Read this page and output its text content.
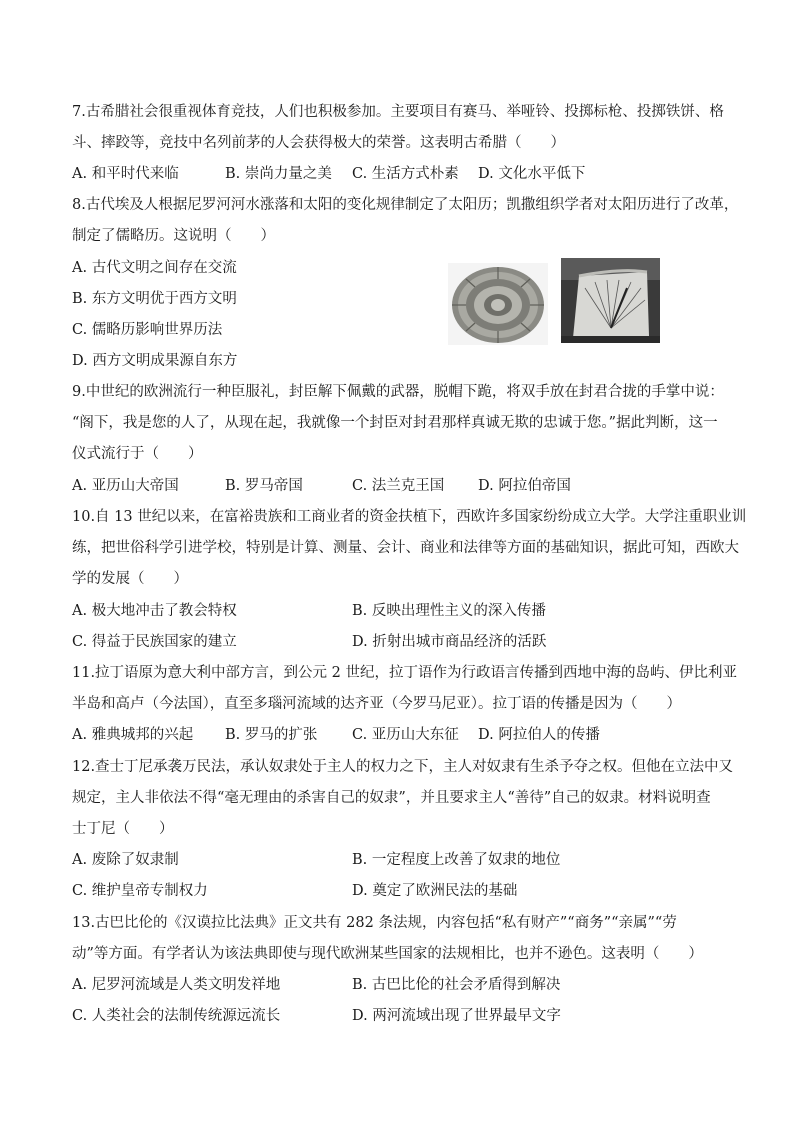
7.古希腊社会很重视体育竞技，人们也积极参加。主要项目有赛马、举哑铃、投掷标枪、投掷铁饼、格
斗、摔跤等，竞技中名列前茅的人会获得极大的荣誉。这表明古希腊（　　）
A. 和平时代来临	B. 崇尚力量之美 C. 生活方式朴素 D. 文化水平低下
8.古代埃及人根据尼罗河河水涨落和太阳的变化规律制定了太阳历；凯撒组织学者对太阳历进行了改革，
制定了儒略历。这说明（　　）
A. 古代文明之间存在交流
B. 东方文明优于西方文明
C. 儒略历影响世界历法
D. 西方文明成果源自东方
9.中世纪的欧洲流行一种臣服礼，封臣解下佩戴的武器，脱帽下跪，将双手放在封君合拢的手掌中说：
“阁下，我是您的人了，从现在起，我就像一个封臣对封君那样真诚无欺的忠诚于您。”据此判断，这一
仪式流行于（　　）
A. 亚历山大帝国	B. 罗马帝国	C. 法兰克王国 D. 阿拉伯帝国
10.自 13 世纪以来，在富裕贵族和工商业者的资金扶植下，西欧许多国家纷纷成立大学。大学注重职业训
练，把世俗科学引进学校，特别是计算、测量、会计、商业和法律等方面的基础知识，据此可知，西欧大
学的发展（　　）
A. 极大地冲击了教会特权	B. 反映出理性主义的深入传播
C. 得益于民族国家的建立	D. 折射出城市商品经济的活跃
11.拉丁语原为意大利中部方言，到公元 2 世纪，拉丁语作为行政语言传播到西地中海的岛屿、伊比利亚
半岛和高卢（今法国），直至多瑙河流域的达齐亚（今罗马尼亚）。拉丁语的传播是因为（　　）
A. 雅典城邦的兴起 B. 罗马的扩张 C. 亚历山大东征 D. 阿拉伯人的传播
12.查士丁尼承袭万民法，承认奴隶处于主人的权力之下，主人对奴隶有生杀予夺之权。但他在立法中又
规定，主人非依法不得“毫无理由的杀害自己的奴隶”，并且要求主人“善待”自己的奴隶。材料说明查
士丁尼（　　）
A. 废除了奴隶制	B. 一定程度上改善了奴隶的地位
C. 维护皇帝专制权力	D. 奠定了欧洲民法的基础
13.古巴比伦的《汉谟拉比法典》正文共有 282 条法规，内容包括“私有财产”“商务”“亲属”“劳
动”等方面。有学者认为该法典即使与现代欧洲某些国家的法规相比，也并不逊色。这表明（　　）
A. 尼罗河流域是人类文明发祥地	B. 古巴比伦的社会矛盾得到解决
C. 人类社会的法制传统源远流长	D. 两河流域出现了世界最早文字
